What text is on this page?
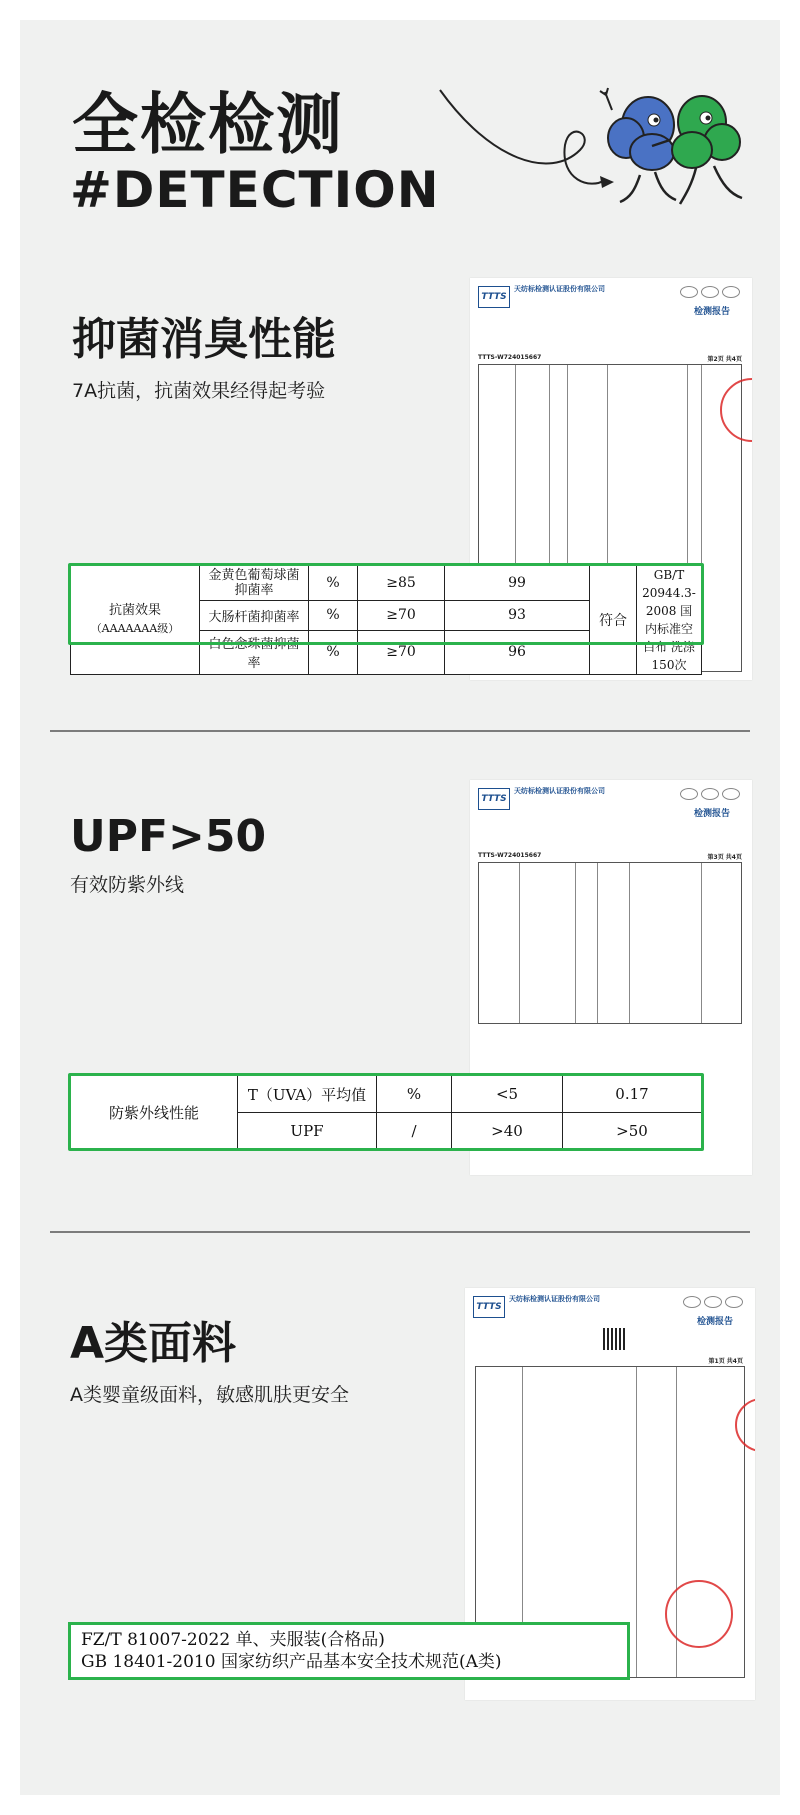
全检检测
#DETECTION
抑菌消臭性能
7A抗菌，抗菌效果经得起考验
TTTS
天纺标检测认证股份有限公司
检测报告
TTTS-W724015667	第2页 共4页
抗菌效果
（AAAAAAA级）	金黄色葡萄球菌抑菌率	%	≥85	99	符合	GB/T 20944.3-2008 国内标准空白布 洗涤150次
	大肠杆菌抑菌率	%	≥70	93		
	白色念珠菌抑菌率	%	≥70	96		
UPF>50
有效防紫外线
TTTS
天纺标检测认证股份有限公司
检测报告
TTTS-W724015667	第3页 共4页
防紫外线性能	T（UVA）平均值	%	<5	0.17
	UPF	/	>40	>50
A类面料
A类婴童级面料，敏感肌肤更安全
TTTS
天纺标检测认证股份有限公司
检测报告
第1页 共4页
FZ/T 81007-2022 单、夹服装(合格品)
GB 18401-2010 国家纺织产品基本安全技术规范(A类)
